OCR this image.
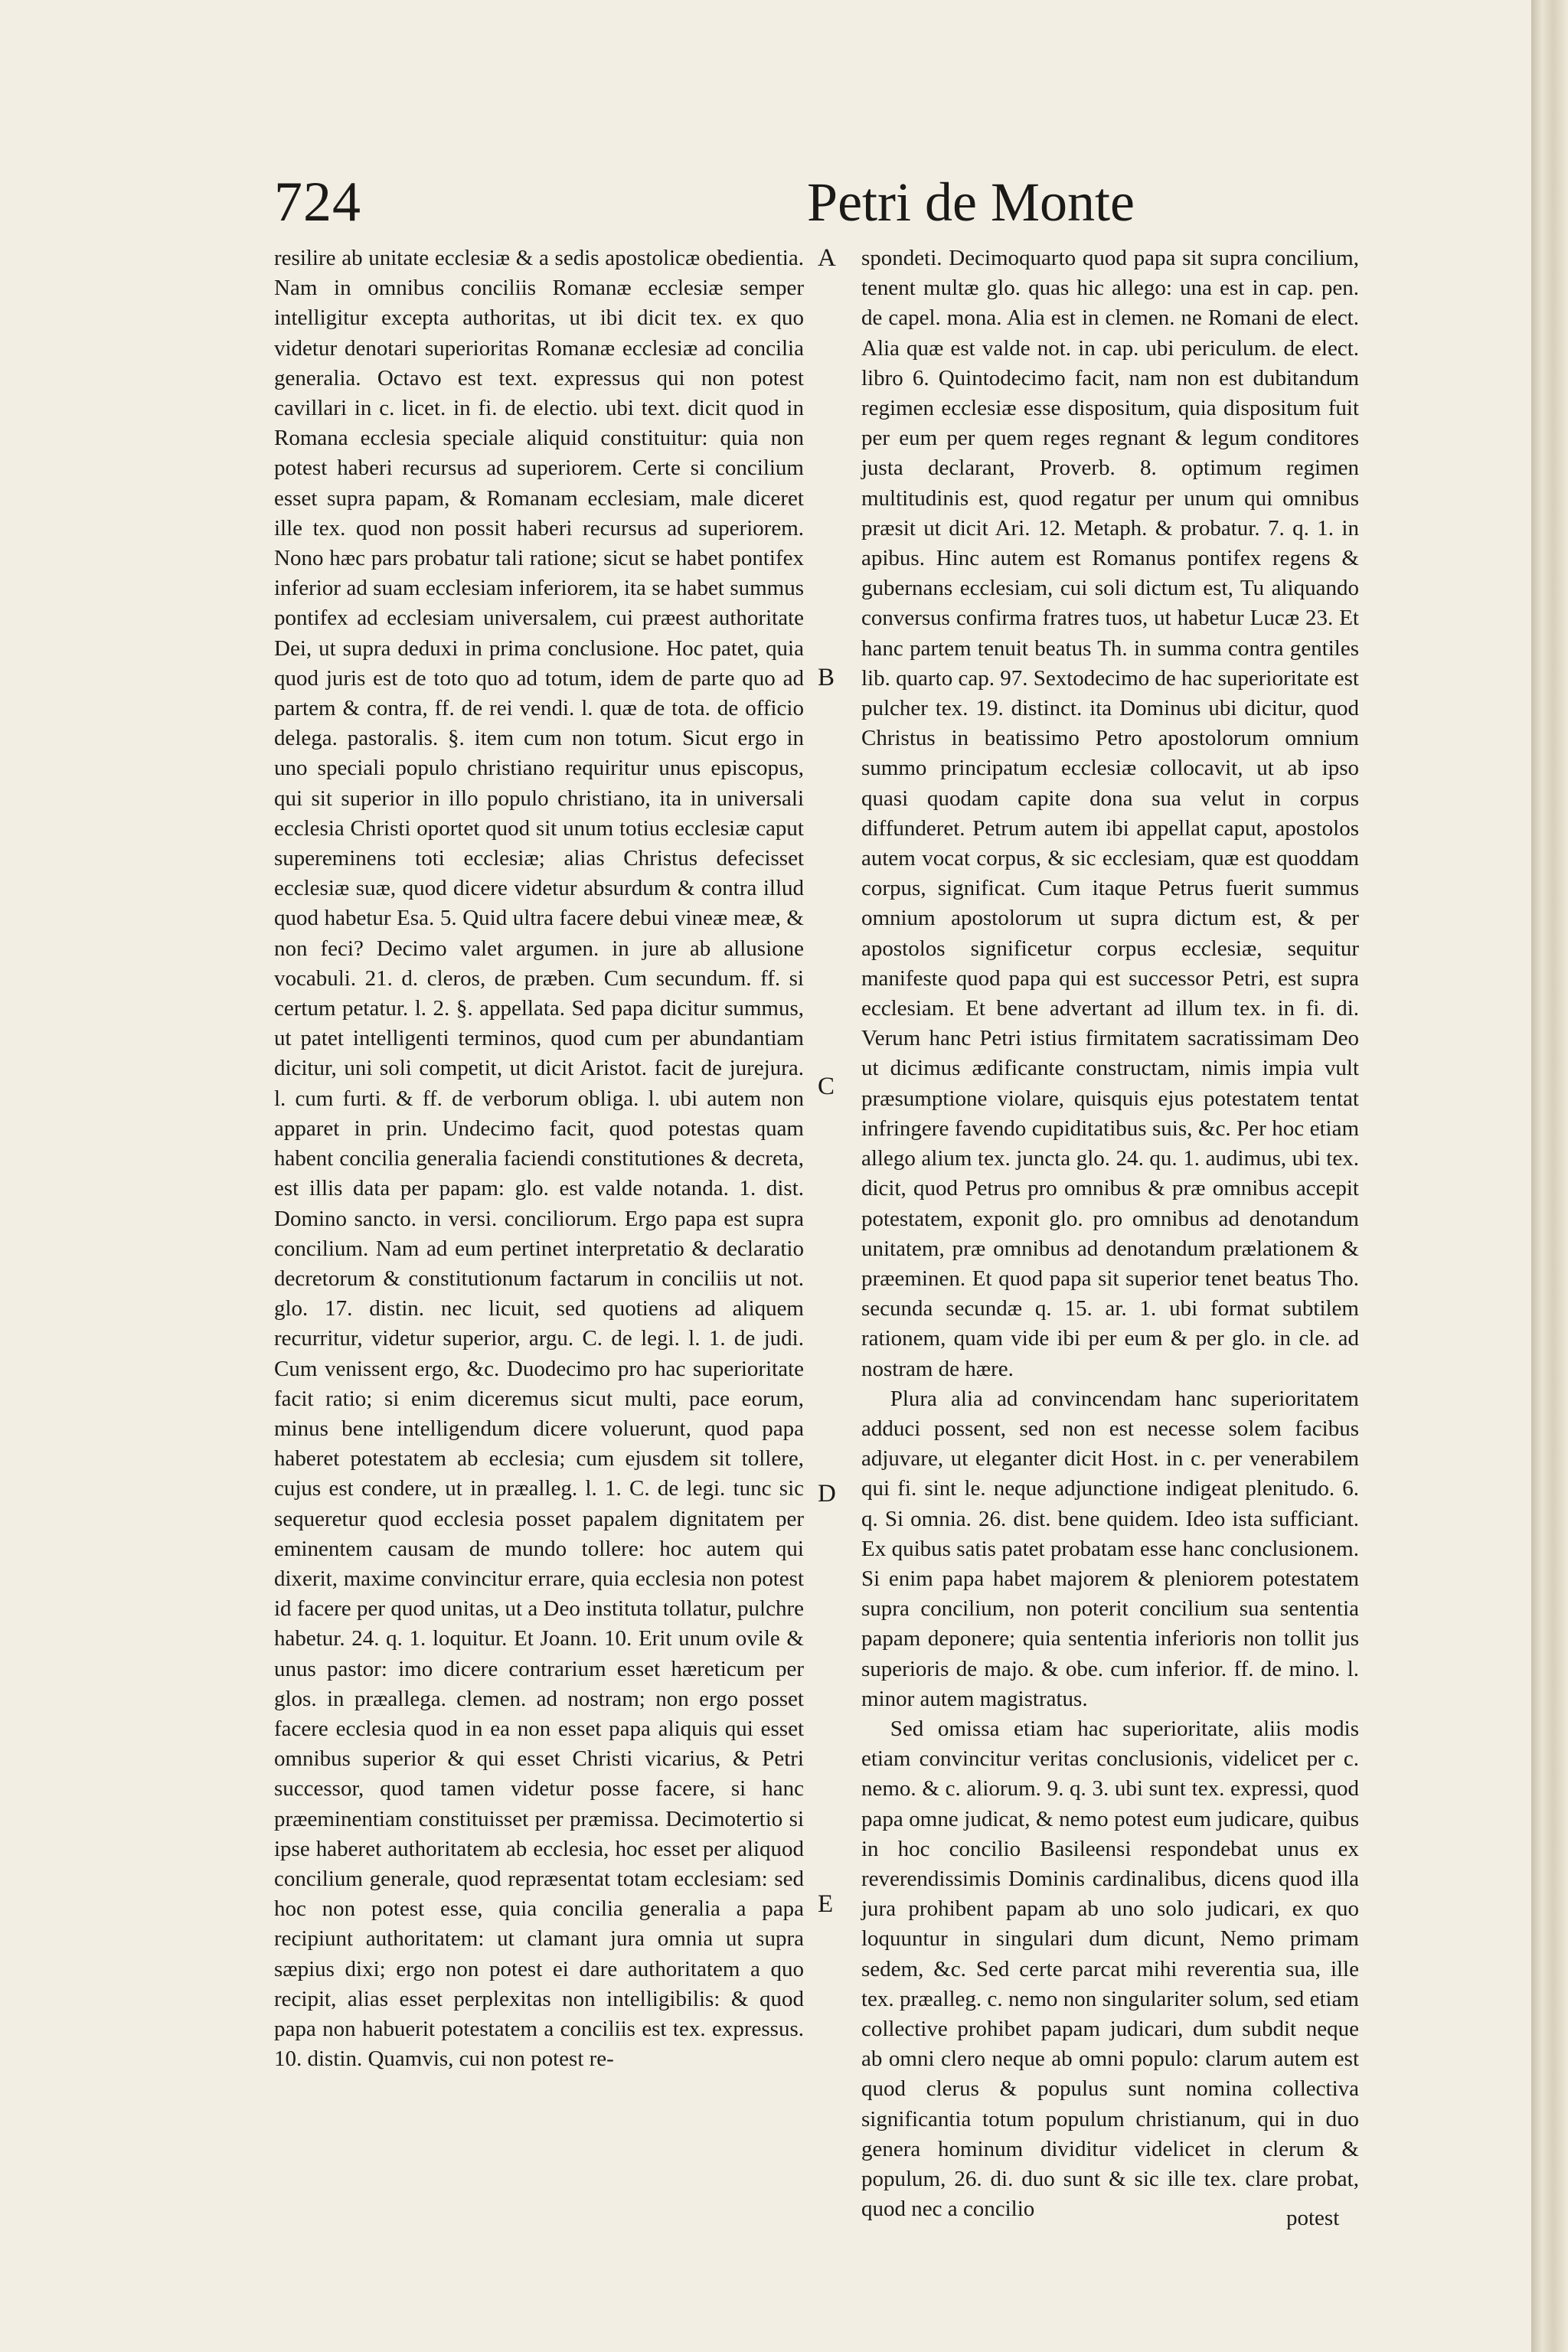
724	Petri de Monte

resilire ab unitate ecclesiæ & a sedis apostolicæ obedientia. Nam in omnibus conciliis Romanæ ecclesiæ semper intelligitur excepta authoritas, ut ibi dicit tex. ex quo videtur denotari superioritas Romanæ ecclesiæ ad concilia generalia. Octavo est text. expressus qui non potest cavillari in c. licet. in fi. de electio. ubi text. dicit quod in Romana ecclesia speciale aliquid constituitur: quia non potest haberi recursus ad superiorem. Certe si concilium esset supra papam, & Romanam ecclesiam, male diceret ille tex. quod non possit haberi recursus ad superiorem. Nono hæc pars probatur tali ratione; sicut se habet pontifex inferior ad suam ecclesiam inferiorem, ita se habet summus pontifex ad ecclesiam universalem, cui præest authoritate Dei, ut supra deduxi in prima conclusione. Hoc patet, quia quod juris est de toto quo ad totum, idem de parte quo ad partem & contra, ff. de rei vendi. l. quæ de tota. de officio delega. pastoralis. §. item cum non totum. Sicut ergo in uno speciali populo christiano requiritur unus episcopus, qui sit superior in illo populo christiano, ita in universali ecclesia Christi oportet quod sit unum totius ecclesiæ caput supereminens toti ecclesiæ; alias Christus defecisset ecclesiæ suæ, quod dicere videtur absurdum & contra illud quod habetur Esa. 5. Quid ultra facere debui vineæ meæ, & non feci? Decimo valet argumen. in jure ab allusione vocabuli. 21. d. cleros, de præben. Cum secundum. ff. si certum petatur. l. 2. §. appellata. Sed papa dicitur summus, ut patet intelligenti terminos, quod cum per abundantiam dicitur, uni soli competit, ut dicit Aristot. facit de jurejura. l. cum furti. & ff. de verborum obliga. l. ubi autem non apparet in prin. Undecimo facit, quod potestas quam habent concilia generalia faciendi constitutiones & decreta, est illis data per papam: glo. est valde notanda. 1. dist. Domino sancto. in versi. conciliorum. Ergo papa est supra concilium. Nam ad eum pertinet interpretatio & declaratio decretorum & constitutionum factarum in conciliis ut not. glo. 17. distin. nec licuit, sed quotiens ad aliquem recurritur, videtur superior, argu. C. de legi. l. 1. de judi. Cum venissent ergo, &c. Duodecimo pro hac superioritate facit ratio; si enim diceremus sicut multi, pace eorum, minus bene intelligendum dicere voluerunt, quod papa haberet potestatem ab ecclesia; cum ejusdem sit tollere, cujus est condere, ut in præalleg. l. 1. C. de legi. tunc sic sequeretur quod ecclesia posset papalem dignitatem per eminentem causam de mundo tollere: hoc autem qui dixerit, maxime convincitur errare, quia ecclesia non potest id facere per quod unitas, ut a Deo instituta tollatur, pulchre habetur. 24. q. 1. loquitur. Et Joann. 10. Erit unum ovile & unus pastor: imo dicere contrarium esset hæreticum per glos. in præallega. clemen. ad nostram; non ergo posset facere ecclesia quod in ea non esset papa aliquis qui esset omnibus superior & qui esset Christi vicarius, & Petri successor, quod tamen videtur posse facere, si hanc præeminentiam constituisset per præmissa. Decimotertio si ipse haberet authoritatem ab ecclesia, hoc esset per aliquod concilium generale, quod repræsentat totam ecclesiam: sed hoc non potest esse, quia concilia generalia a papa recipiunt authoritatem: ut clamant jura omnia ut supra sæpius dixi; ergo non potest ei dare authoritatem a quo recipit, alias esset perplexitas non intelligibilis: & quod papa non habuerit potestatem a conciliis est tex. expressus. 10. distin. Quamvis, cui non potest re-

A
B
C
D
E

spondeti. Decimoquarto quod papa sit supra concilium, tenent multæ glo. quas hic allego: una est in cap. pen. de capel. mona. Alia est in clemen. ne Romani de elect. Alia quæ est valde not. in cap. ubi periculum. de elect. libro 6. Quintodecimo facit, nam non est dubitandum regimen ecclesiæ esse dispositum, quia dispositum fuit per eum per quem reges regnant & legum conditores justa declarant, Proverb. 8. optimum regimen multitudinis est, quod regatur per unum qui omnibus præsit ut dicit Ari. 12. Metaph. & probatur. 7. q. 1. in apibus. Hinc autem est Romanus pontifex regens & gubernans ecclesiam, cui soli dictum est, Tu aliquando conversus confirma fratres tuos, ut habetur Lucæ 23. Et hanc partem tenuit beatus Th. in summa contra gentiles lib. quarto cap. 97. Sextodecimo de hac superioritate est pulcher tex. 19. distinct. ita Dominus ubi dicitur, quod Christus in beatissimo Petro apostolorum omnium summo principatum ecclesiæ collocavit, ut ab ipso quasi quodam capite dona sua velut in corpus diffunderet. Petrum autem ibi appellat caput, apostolos autem vocat corpus, & sic ecclesiam, quæ est quoddam corpus, significat. Cum itaque Petrus fuerit summus omnium apostolorum ut supra dictum est, & per apostolos significetur corpus ecclesiæ, sequitur manifeste quod papa qui est successor Petri, est supra ecclesiam. Et bene advertant ad illum tex. in fi. di. Verum hanc Petri istius firmitatem sacratissimam Deo ut dicimus ædificante constructam, nimis impia vult præsumptione violare, quisquis ejus potestatem tentat infringere favendo cupiditatibus suis, &c. Per hoc etiam allego alium tex. juncta glo. 24. qu. 1. audimus, ubi tex. dicit, quod Petrus pro omnibus & præ omnibus accepit potestatem, exponit glo. pro omnibus ad denotandum unitatem, præ omnibus ad denotandum prælationem & præeminen. Et quod papa sit superior tenet beatus Tho. secunda secundæ q. 15. ar. 1. ubi format subtilem rationem, quam vide ibi per eum & per glo. in cle. ad nostram de hære.

Plura alia ad convincendam hanc superioritatem adduci possent, sed non est necesse solem facibus adjuvare, ut eleganter dicit Host. in c. per venerabilem qui fi. sint le. neque adjunctione indigeat plenitudo. 6. q. Si omnia. 26. dist. bene quidem. Ideo ista sufficiant. Ex quibus satis patet probatam esse hanc conclusionem. Si enim papa habet majorem & pleniorem potestatem supra concilium, non poterit concilium sua sententia papam deponere; quia sententia inferioris non tollit jus superioris de majo. & obe. cum inferior. ff. de mino. l. minor autem magistratus.

Sed omissa etiam hac superioritate, aliis modis etiam convincitur veritas conclusionis, videlicet per c. nemo. & c. aliorum. 9. q. 3. ubi sunt tex. expressi, quod papa omne judicat, & nemo potest eum judicare, quibus in hoc concilio Basileensi respondebat unus ex reverendissimis Dominis cardinalibus, dicens quod illa jura prohibent papam ab uno solo judicari, ex quo loquuntur in singulari dum dicunt, Nemo primam sedem, &c. Sed certe parcat mihi reverentia sua, ille tex. præalleg. c. nemo non singulariter solum, sed etiam collective prohibet papam judicari, dum subdit neque ab omni clero neque ab omni populo: clarum autem est quod clerus & populus sunt nomina collectiva significantia totum populum christianum, qui in duo genera hominum dividitur videlicet in clerum & populum, 26. di. duo sunt & sic ille tex. clare probat, quod nec a concilio	potest
